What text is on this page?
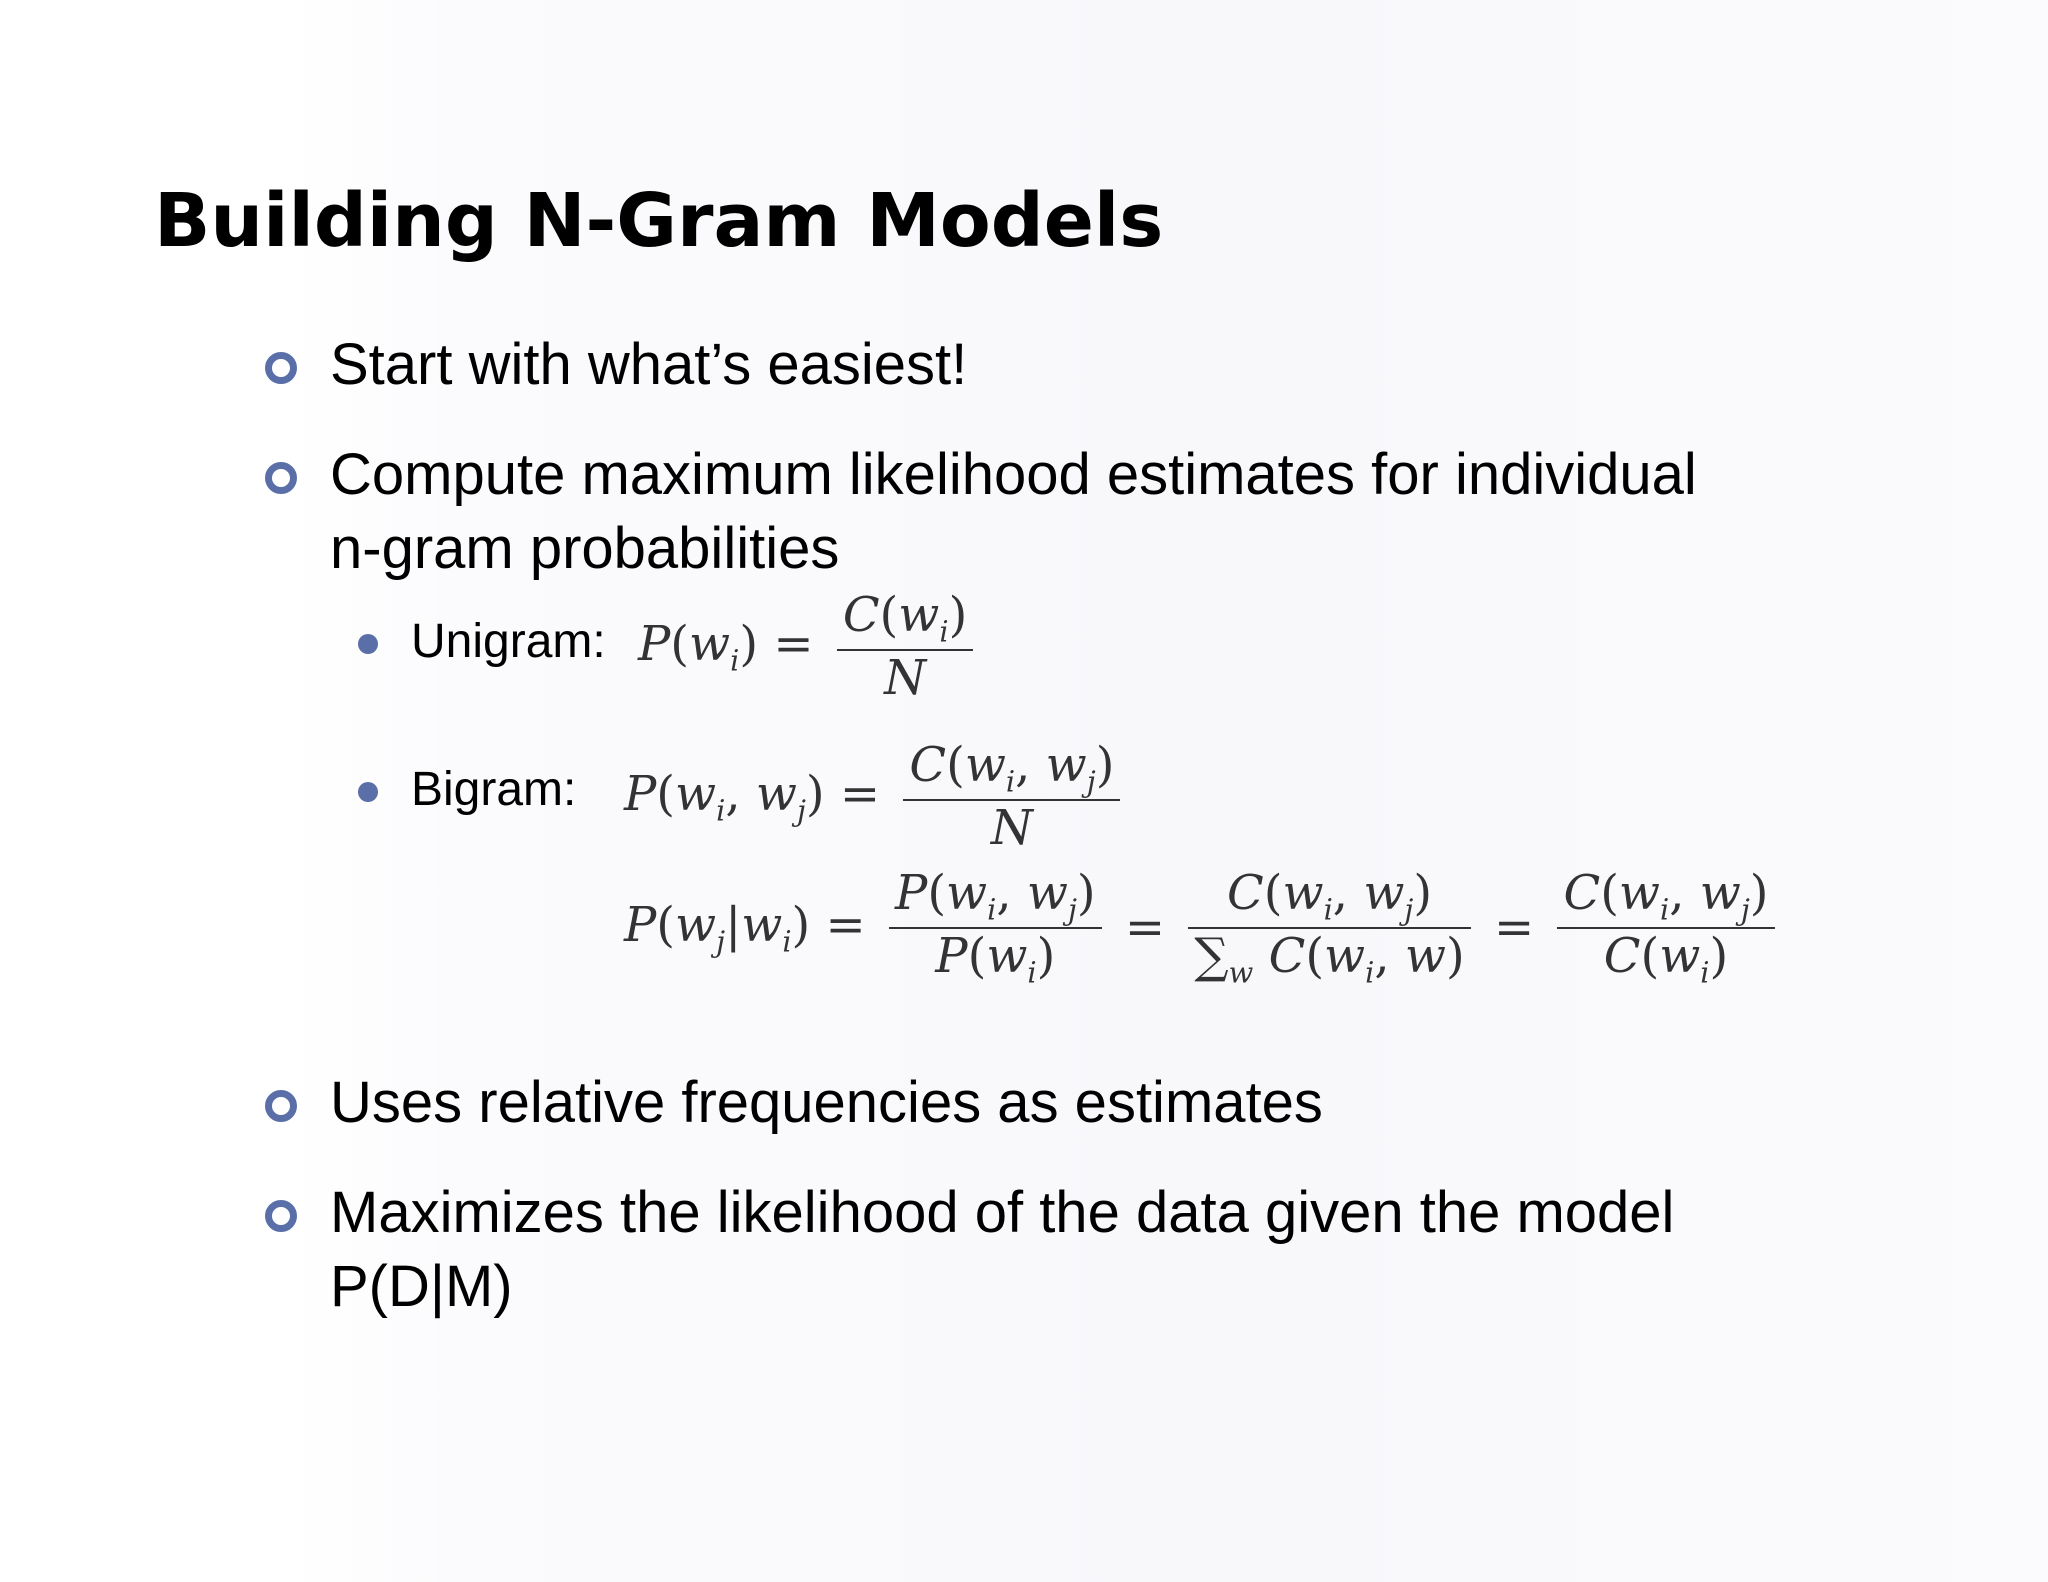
Building N-Gram Models
Start with what’s easiest!
Compute maximum likelihood estimates for individual
n-gram probabilities
Unigram: $P(w_i) = \frac{C(w_i)}{N}$
Bigram: $P(w_i$, $w_j) = \frac{C(w_i, w_j)}{N}$
$P(w_j|w_i) = \frac{P(w_i, w_j)}{P(w_i)} = \frac{C(w_i, w_j)}{\sum_w C(w_i, w)} = \frac{C(w_i, w_j)}{C(w_i)}$
Uses relative frequencies as estimates
Maximizes the likelihood of the data given the model
P(D|M)
